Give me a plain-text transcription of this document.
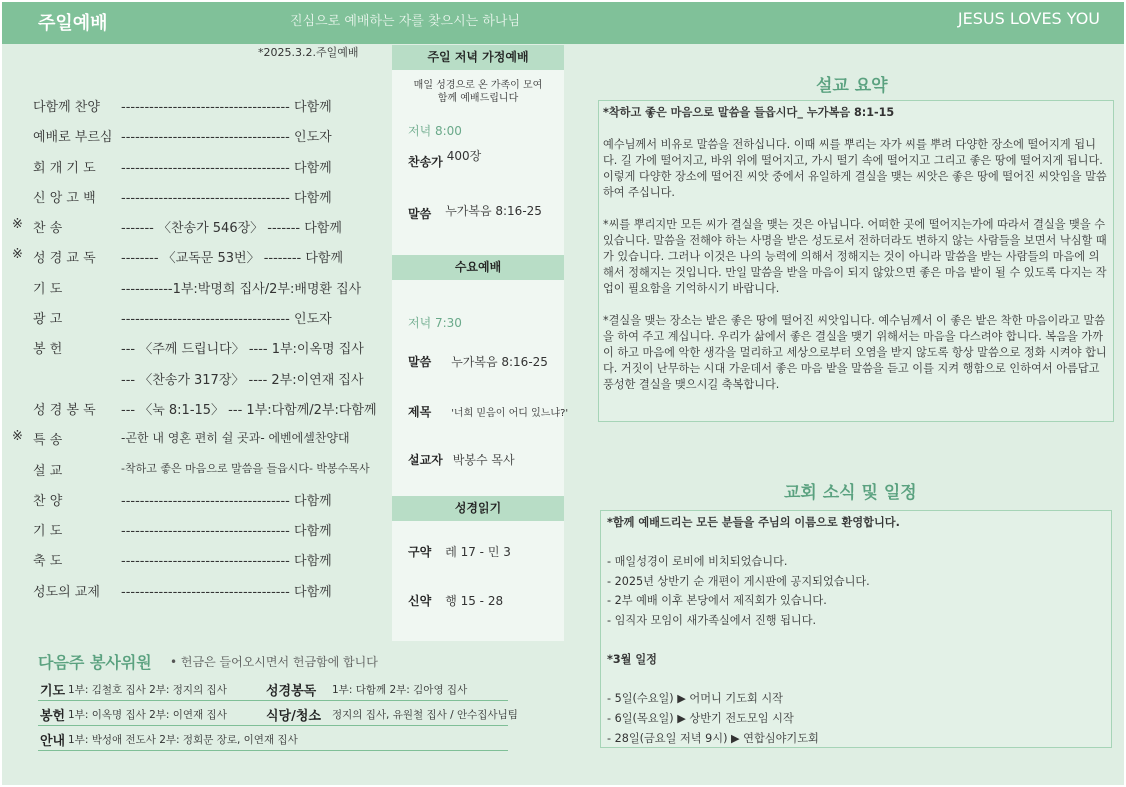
주일예배	진심으로 예배하는 자를 찾으시는 하나님	JESUS LOVES YOU
*2025.3.2.주일예배
다함께 찬양 ------------------------------------ 다함께
예배로 부르심 ------------------------------------ 인도자
회 개 기 도 ------------------------------------ 다함께
신 앙 고 백 ------------------------------------ 다함께
※ 찬 송	------- 〈찬송가 546장〉 ------- 다함께
※ 성 경 교 독 -------- 〈교독문 53번〉 -------- 다함께
기 도	-----------1부:박명희 집사/2부:배명환 집사
광 고	------------------------------------ 인도자
봉 헌	--- 〈주께 드립니다〉 ---- 1부:이옥명 집사
--- 〈찬송가 317장〉 ---- 2부:이연재 집사
성 경 봉 독 --- 〈눅 8:1-15〉 --- 1부:다함께/2부:다함께
※ 특 송	-곤한 내 영혼 편히 쉴 곳과- 에벤에셀찬양대
설 교	-착하고 좋은 마음으로 말씀을 들읍시다- 박봉수목사
찬 양	------------------------------------ 다함께
기 도	------------------------------------ 다함께
축 도	------------------------------------ 다함께
성도의 교제 ------------------------------------ 다함께
주일 저녁 가정예배
매일 성경으로 온 가족이 모여
함께 예배드립니다
저녁 8:00
찬송가 400장
말씀 누가복음 8:16-25
수요예배
저녁 7:30
말씀 누가복음 8:16-25
제목 '너희 믿음이 어디 있느냐?'
설교자 박봉수 목사
성경읽기
구약 레 17 - 민 3
신약 행 15 - 28
설교 요약

*착하고 좋은 마음으로 말씀을 들읍시다_ 누가복음 8:1-15

예수님께서 비유로 말씀을 전하십니다. 이때 씨를 뿌리는 자가 씨를 뿌려 다양한 장소에 떨어지게 됩니다. 길 가에 떨어지고, 바위 위에 떨어지고, 가시 떨기 속에 떨어지고 그리고 좋은 땅에 떨어지게 됩니다. 이렇게 다양한 장소에 떨어진 씨앗 중에서 유일하게 결실을 맺는 씨앗은 좋은 땅에 떨어진 씨앗임을 말씀하여 주십니다.

*씨를 뿌리지만 모든 씨가 결실을 맺는 것은 아닙니다. 어떠한 곳에 떨어지는가에 따라서 결실을 맺을 수 있습니다. 말씀을 전해야 하는 사명을 받은 성도로서 전하더라도 변하지 않는 사람들을 보면서 낙심할 때가 있습니다. 그러나 이것은 나의 능력에 의해서 정해지는 것이 아니라 말씀을 받는 사람들의 마음에 의해서 정해지는 것입니다. 만일 말씀을 받을 마음이 되지 않았으면 좋은 마음 밭이 될 수 있도록 다지는 작업이 필요함을 기억하시기 바랍니다.

*결실을 맺는 장소는 밭은 좋은 땅에 떨어진 씨앗입니다. 예수님께서 이 좋은 밭은 착한 마음이라고 말씀을 하여 주고 계십니다. 우리가 삶에서 좋은 결실을 맺기 위해서는 마음을 다스려야 합니다. 복음을 가까이 하고 마음에 악한 생각을 멀리하고 세상으로부터 오염을 받지 않도록 항상 말씀으로 정화 시켜야 합니다. 거짓이 난무하는 시대 가운데서 좋은 마음 밭을 말씀을 듣고 이를 지켜 행함으로 인하여서 아름답고 풍성한 결실을 맺으시길 축복합니다.

교회 소식 및 일정
*함께 예배드리는 모든 분들을 주님의 이름으로 환영합니다.
- 매일성경이 로비에 비치되었습니다.
- 2025년 상반기 순 개편이 게시판에 공지되었습니다.
- 2부 예배 이후 본당에서 제직회가 있습니다.
- 임직자 모임이 새가족실에서 진행 됩니다.
*3월 일정
- 5일(수요일) ▶ 어머니 기도회 시작
- 6일(목요일) ▶ 상반기 전도모임 시작
- 28일(금요일 저녁 9시) ▶ 연합심야기도회
다음주 봉사위원 • 헌금은 들어오시면서 헌금함에 합니다
기도 1부: 김철호 집사 2부: 정지의 집사	성경봉독 1부: 다함께 2부: 김아영 집사
봉헌 1부: 이옥명 집사 2부: 이연재 집사	식당/청소 정지의 집사, 유원철 집사 / 안수집사님팀
안내 1부: 박성애 전도사 2부: 정회문 장로, 이연재 집사
